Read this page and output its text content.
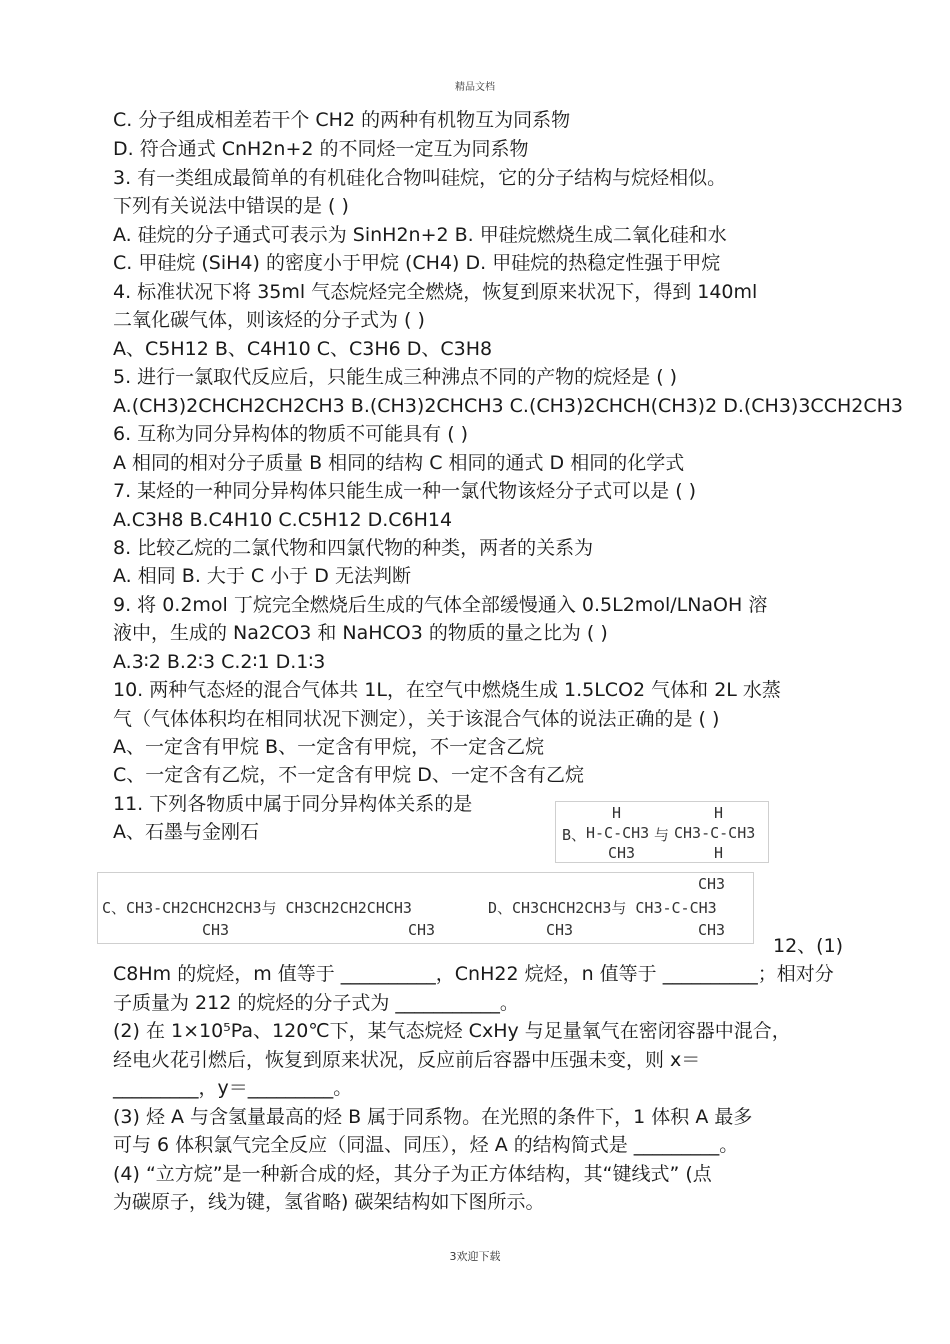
精品文档
C. 分子组成相差若干个 CH2 的两种有机物互为同系物
D. 符合通式 CnH2n+2 的不同烃一定互为同系物
3. 有一类组成最简单的有机硅化合物叫硅烷，它的分子结构与烷烃相似。
下列有关说法中错误的是 ( )
A. 硅烷的分子通式可表示为 SinH2n+2 B. 甲硅烷燃烧生成二氧化硅和水
C. 甲硅烷 (SiH4) 的密度小于甲烷 (CH4) D. 甲硅烷的热稳定性强于甲烷
4. 标准状况下将 35ml 气态烷烃完全燃烧，恢复到原来状况下，得到 140ml
二氧化碳气体，则该烃的分子式为 ( )
A、C5H12 B、C4H10 C、C3H6 D、C3H8
5. 进行一氯取代反应后，只能生成三种沸点不同的产物的烷烃是 ( )
A.(CH3)2CHCH2CH2CH3 B.(CH3)2CHCH3 C.(CH3)2CHCH(CH3)2 D.(CH3)3CCH2CH3
6. 互称为同分异构体的物质不可能具有 ( )
A 相同的相对分子质量 B 相同的结构 C 相同的通式 D 相同的化学式
7. 某烃的一种同分异构体只能生成一种一氯代物该烃分子式可以是 ( )
A.C3H8 B.C4H10 C.C5H12 D.C6H14
8. 比较乙烷的二氯代物和四氯代物的种类，两者的关系为
A. 相同 B. 大于 C 小于 D 无法判断
9. 将 0.2mol 丁烷完全燃烧后生成的气体全部缓慢通入 0.5L2mol/LNaOH 溶
液中，生成的 Na2CO3 和 NaHCO3 的物质的量之比为 ( )
A.3∶2 B.2∶3 C.2∶1 D.1∶3
10. 两种气态烃的混合气体共 1L，在空气中燃烧生成 1.5LCO2 气体和 2L 水蒸
气（气体体积均在相同状况下测定），关于该混合气体的说法正确的是 ( )
A、一定含有甲烷 B、一定含有甲烷，不一定含乙烷
C、一定含有乙烷，不一定含有甲烷 D、一定不含有乙烷
11. 下列各物质中属于同分异构体关系的是
A、石墨与金刚石	B、
H
H-C-CH3
CH3
与
H
CH3-C-CH3
H
C、CH3-CH2CHCH2CH3与 CH3CH2CH2CHCH3
CH3	CH3
D、CH3CHCH2CH3与 CH3-C-CH3
CH3
CH3	CH3
12、(1)
C8Hm 的烷烃，m 值等于 __________，CnH22 烷烃，n 值等于 __________；相对分
子质量为 212 的烷烃的分子式为 ___________。
(2) 在 1×10⁵Pa、120℃下，某气态烷烃 CxHy 与足量氧气在密闭容器中混合，
经电火花引燃后，恢复到原来状况，反应前后容器中压强未变，则 x＝
_________，y＝_________。
(3) 烃 A 与含氢量最高的烃 B 属于同系物。在光照的条件下，1 体积 A 最多
可与 6 体积氯气完全反应（同温、同压），烃 A 的结构简式是 _________。
(4) “立方烷”是一种新合成的烃，其分子为正方体结构，其“键线式” (点
为碳原子，线为键，氢省略) 碳架结构如下图所示。
3欢迎下载
